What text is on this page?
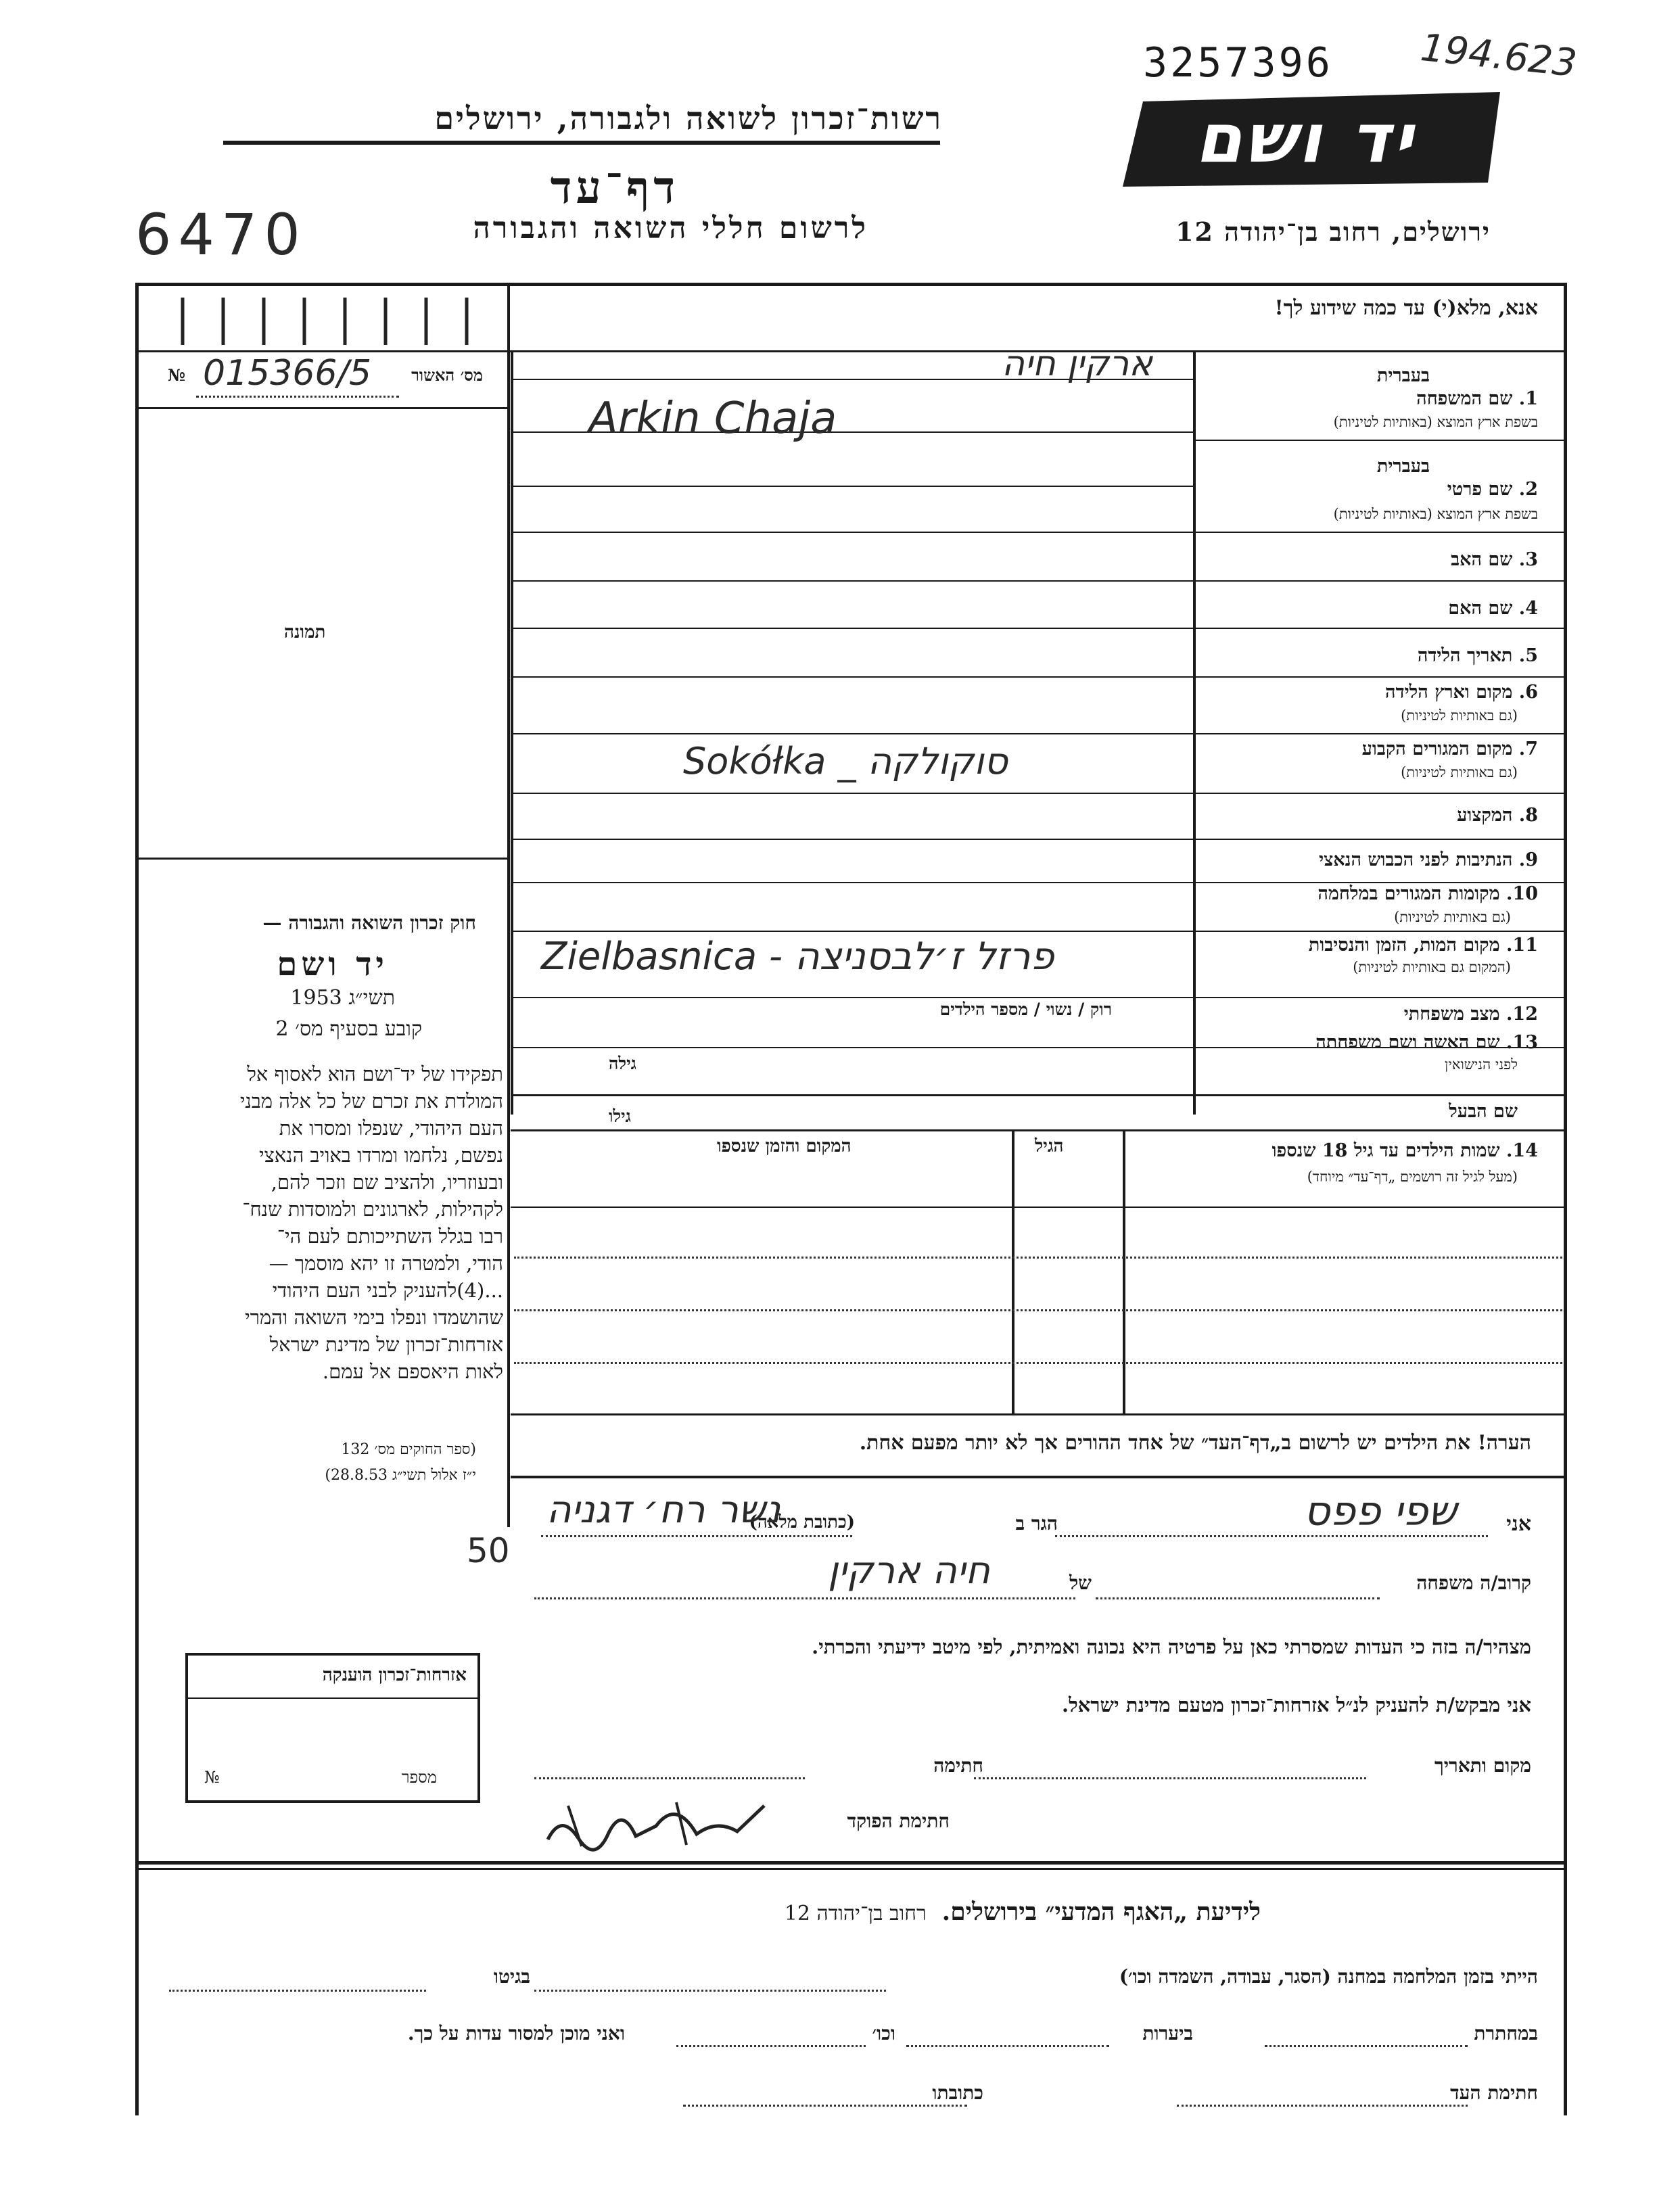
3257396 194.623
רשות־זכרון לשואה ולגבורה, ירושלים
דף־עד
לרשום חללי השואה והגבורה
6470
יד ושם
ירושלים, רחוב בן־יהודה 12
מס׳ האשור
№ 015366/5
תמונה
חוק זכרון השואה והגבורה —
יד ושם
תשי״ג 1953
קובע בסעיף מס׳ 2
תפקידו של יד־ושם הוא לאסוף אל
המולדת את זכרם של כל אלה מבני
העם היהודי, שנפלו ומסרו את
נפשם, נלחמו ומרדו באויב הנאצי
ובעוזריו, ולהציב שם וזכר להם,
לקהילות, לארגונים ולמוסדות שנח־
רבו בגלל השתייכותם לעם הי־
הודי, ולמטרה זו יהא מוסמך —
...(4)להעניק לבני העם היהודי
שהושמדו ונפלו בימי השואה והמרי
אזרחות־זכרון של מדינת ישראל
לאות היאספם אל עמם.
(ספר החוקים מס׳ 132
י״ז אלול תשי״ג 28.8.53)
אנא, מלא(י) עד כמה שידוע לך!
בעברית
1. שם המשפחה
בשפת ארץ המוצא (באותיות לטיניות)
ארקין חיה
Arkin Chaja
בעברית
2. שם פרטי
בשפת ארץ המוצא (באותיות לטיניות)
3. שם האב
4. שם האם
5. תאריך הלידה
6. מקום וארץ הלידה
(גם באותיות לטיניות)
7. מקום המגורים הקבוע
(גם באותיות לטיניות)
Sokółka _ סוקולקה
8. המקצוע
9. הנתיבות לפני הכבוש הנאצי
10. מקומות המגורים במלחמה
(גם באותיות לטיניות)
11. מקום המות, הזמן והנסיבות
(המקום גם באותיות לטיניות)
Zielbasnica - פרזל ז׳לבסניצה
12. מצב משפחתי
רוק / נשוי / מספר הילדים
13. שם האשה ושם משפחתה
לפני הנישואין
גילה
שם הבעל
גילו
14. שמות הילדים עד גיל 18 שנספו
(מעל לגיל זה רושמים „דף־עד״ מיוחד)
הגיל
המקום והזמן שנספו
הערה! את הילדים יש לרשום ב„דף־העד״ של אחד ההורים אך לא יותר מפעם אחת.
אני
שפי פפס
הגר ב
(כתובת מלאה)
נשר רח׳ דגניה
50
קרוב/ה משפחה
של
חיה ארקין
מצהיר/ה בזה כי העדות שמסרתי כאן על פרטיה היא נכונה ואמיתית, לפי מיטב ידיעתי והכרתי.
אני מבקש/ת להעניק לנ״ל אזרחות־זכרון מטעם מדינת ישראל.
מקום ותאריך
חתימה
חתימת הפוקד
אזרחות־זכרון הוענקה
מספר
№
לידיעת „האגף המדעי״ בירושלים.  רחוב בן־יהודה 12
הייתי בזמן המלחמה במחנה (הסגר, עבודה, השמדה וכו׳)
בגיטו
במחתרת
ביערות
וכו׳
ואני מוכן למסור עדות על כך.
חתימת העד
כתובתו
